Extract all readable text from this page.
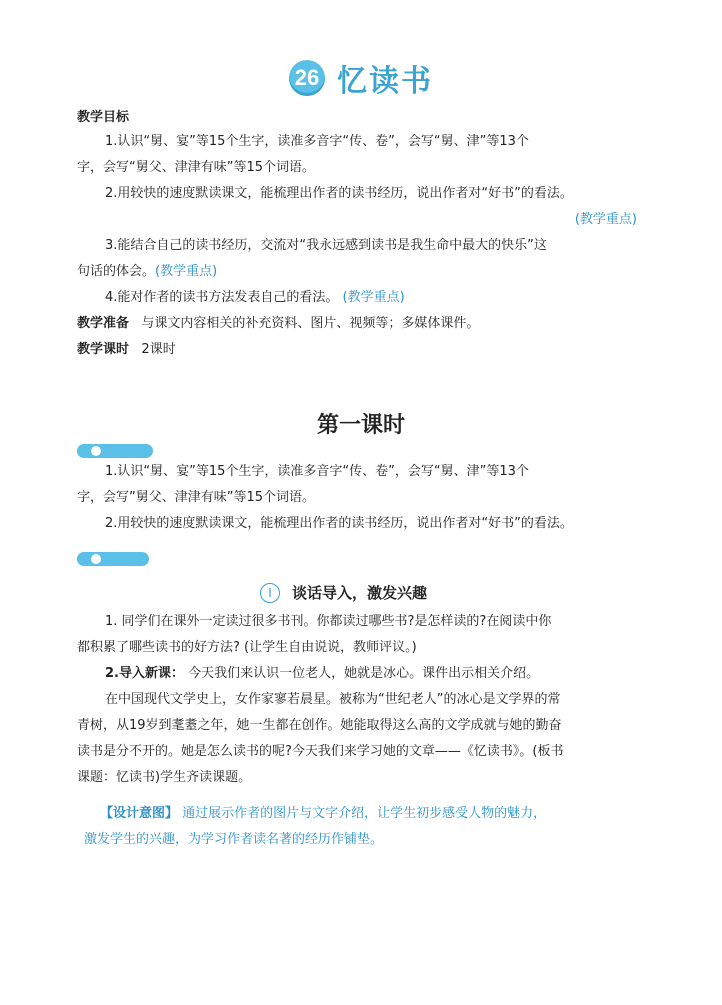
26 忆读书
教学目标
1.认识“舅、宴”等15个生字，读准多音字“传、卷”，会写“舅、津”等13个
字，会写“舅父、津津有味”等15个词语。
2.用较快的速度默读课文，能梳理出作者的读书经历，说出作者对“好书”的看法。
(教学重点)
3.能结合自己的读书经历，交流对“我永远感到读书是我生命中最大的快乐”这
句话的体会。(教学重点)
4.能对作者的读书方法发表自己的看法。 (教学重点)
教学准备 与课文内容相关的补充资料、图片、视频等；多媒体课件。
教学课时 2课时
第一课时
1.认识“舅、宴”等15个生字，读准多音字“传、卷”，会写“舅、津”等13个
字，会写”舅父、津津有味”等15个词语。
2.用较快的速度默读课文，能梳理出作者的读书经历，说出作者对“好书”的看法。
Ⅰ 谈话导入，激发兴趣
1. 同学们在课外一定读过很多书刊。你都读过哪些书?是怎样读的?在阅读中你
都积累了哪些读书的好方法? (让学生自由说说，教师评议。)
2.导入新课： 今天我们来认识一位老人，她就是冰心。课件出示相关介绍。
在中国现代文学史上，女作家寥若晨星。被称为“世纪老人”的冰心是文学界的常
青树，从19岁到耄耋之年，她一生都在创作。她能取得这么高的文学成就与她的勤奋
读书是分不开的。她是怎么读书的呢?今天我们来学习她的文章——《忆读书》。(板书
课题：忆读书)学生齐读课题。
【设计意图】 通过展示作者的图片与文字介绍，让学生初步感受人物的魅力，
激发学生的兴趣，为学习作者读名著的经历作铺垫。
